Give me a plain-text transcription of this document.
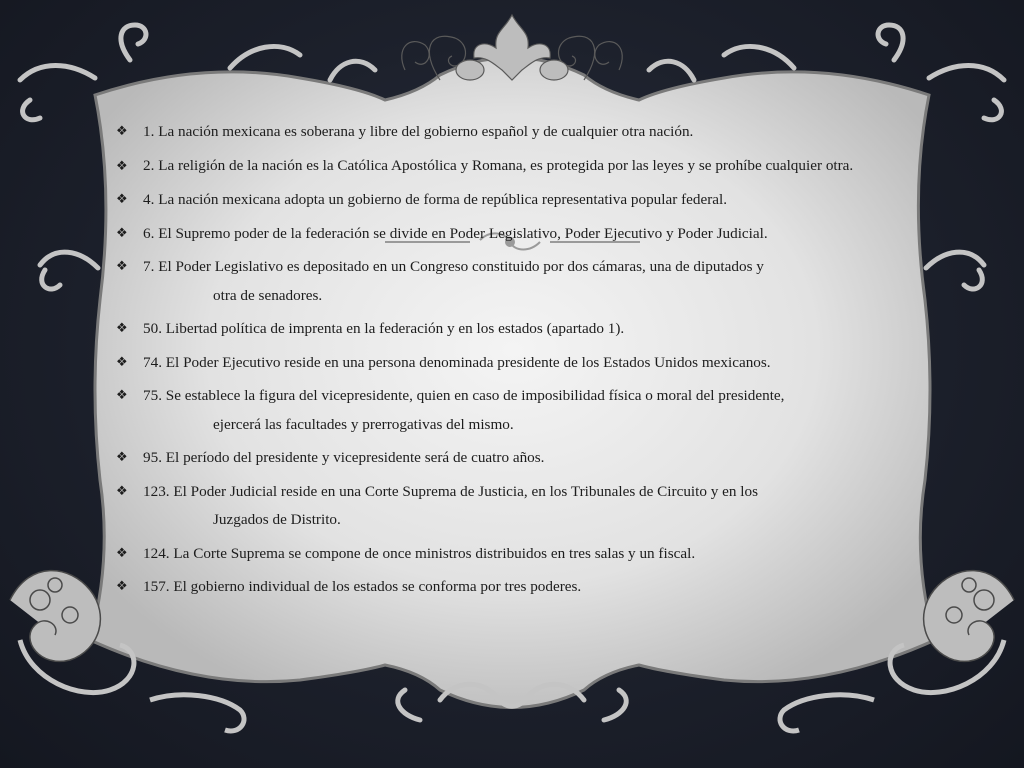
❖ 1. La nación mexicana es soberana y libre del gobierno español y de cualquier otra nación.
❖ 2. La religión de la nación es la Católica Apostólica y Romana, es protegida por las leyes y se prohíbe cualquier otra.
❖ 4. La nación mexicana adopta un gobierno de forma de república representativa popular federal.
❖ 6. El Supremo poder de la federación se divide en Poder Legislativo, Poder Ejecutivo y Poder Judicial.
❖ 7. El Poder Legislativo es depositado en un Congreso constituido por dos cámaras, una de diputados y
otra de senadores.
❖ 50. Libertad política de imprenta en la federación y en los estados (apartado 1).
❖ 74. El Poder Ejecutivo reside en una persona denominada presidente de los Estados Unidos mexicanos.
❖ 75. Se establece la figura del vicepresidente, quien en caso de imposibilidad física o moral del presidente,
ejercerá las facultades y prerrogativas del mismo.
❖ 95. El período del presidente y vicepresidente será de cuatro años.
❖ 123. El Poder Judicial reside en una Corte Suprema de Justicia, en los Tribunales de Circuito y en los
Juzgados de Distrito.
❖ 124. La Corte Suprema se compone de once ministros distribuidos en tres salas y un fiscal.
❖ 157. El gobierno individual de los estados se conforma por tres poderes.
